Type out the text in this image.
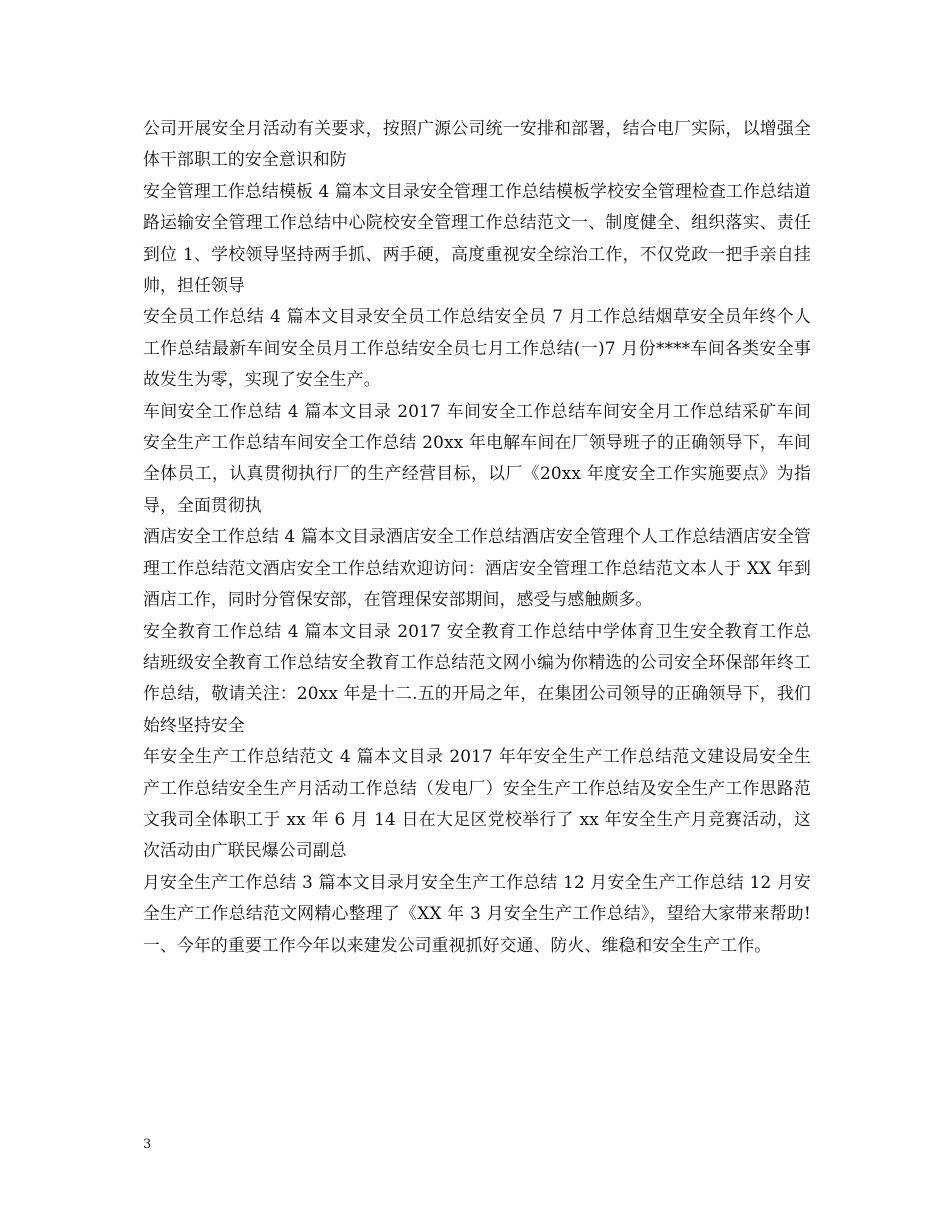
公司开展安全月活动有关要求，按照广源公司统一安排和部署，结合电厂实际，以增强全体干部职工的安全意识和防

安全管理工作总结模板 4 篇本文目录安全管理工作总结模板学校安全管理检查工作总结道路运输安全管理工作总结中心院校安全管理工作总结范文一、制度健全、组织落实、责任到位 1、学校领导坚持两手抓、两手硬，高度重视安全综治工作，不仅党政一把手亲自挂帅，担任领导

安全员工作总结 4 篇本文目录安全员工作总结安全员 7 月工作总结烟草安全员年终个人工作总结最新车间安全员月工作总结安全员七月工作总结(一)7 月份****车间各类安全事故发生为零，实现了安全生产。

车间安全工作总结 4 篇本文目录 2017 车间安全工作总结车间安全月工作总结采矿车间安全生产工作总结车间安全工作总结 20xx 年电解车间在厂领导班子的正确领导下，车间全体员工，认真贯彻执行厂的生产经营目标，以厂《20xx 年度安全工作实施要点》为指导，全面贯彻执

酒店安全工作总结 4 篇本文目录酒店安全工作总结酒店安全管理个人工作总结酒店安全管理工作总结范文酒店安全工作总结欢迎访问：酒店安全管理工作总结范文本人于 XX 年到酒店工作，同时分管保安部，在管理保安部期间，感受与感触颇多。

安全教育工作总结 4 篇本文目录 2017 安全教育工作总结中学体育卫生安全教育工作总结班级安全教育工作总结安全教育工作总结范文网小编为你精选的公司安全环保部年终工作总结，敬请关注：20xx 年是十二.五的开局之年，在集团公司领导的正确领导下，我们始终坚持安全

年安全生产工作总结范文 4 篇本文目录 2017 年年安全生产工作总结范文建设局安全生产工作总结安全生产月活动工作总结（发电厂）安全生产工作总结及安全生产工作思路范文我司全体职工于 xx 年 6 月 14 日在大足区党校举行了 xx 年安全生产月竞赛活动，这次活动由广联民爆公司副总

月安全生产工作总结 3 篇本文目录月安全生产工作总结 12 月安全生产工作总结 12 月安全生产工作总结范文网精心整理了《XX 年 3 月安全生产工作总结》，望给大家带来帮助!一、今年的重要工作今年以来建发公司重视抓好交通、防火、维稳和安全生产工作。

3
